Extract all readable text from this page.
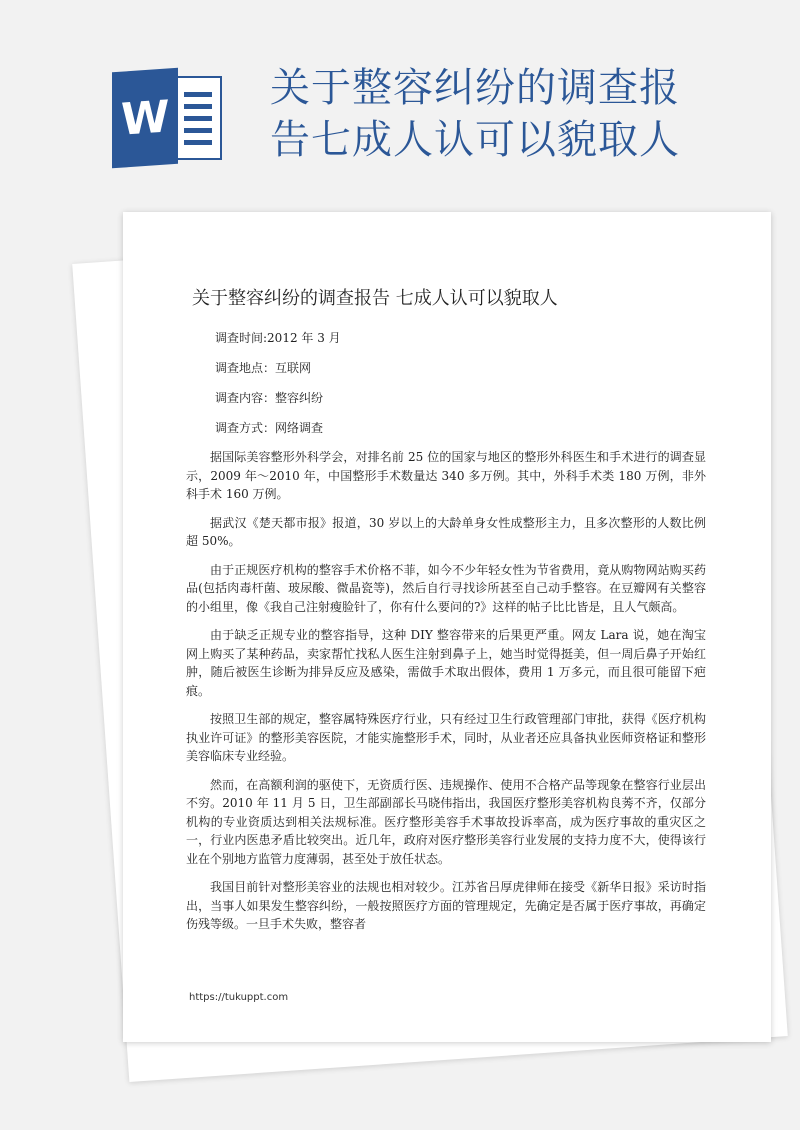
W
关于整容纠纷的调查报告七成人认可以貌取人
关于整容纠纷的调查报告 七成人认可以貌取人
调查时间:2012 年 3 月
调查地点：互联网
调查内容：整容纠纷
调查方式：网络调查

据国际美容整形外科学会，对排名前 25 位的国家与地区的整形外科医生和手术进行的调查显示，2009 年～2010 年，中国整形手术数量达 340 多万例。其中，外科手术类 180 万例，非外科手术 160 万例。

据武汉《楚天都市报》报道，30 岁以上的大龄单身女性成整形主力，且多次整形的人数比例超 50%。

由于正规医疗机构的整容手术价格不菲，如今不少年轻女性为节省费用，竟从购物网站购买药品(包括肉毒杆菌、玻尿酸、微晶瓷等)，然后自行寻找诊所甚至自己动手整容。在豆瓣网有关整容的小组里，像《我自己注射瘦脸针了，你有什么要问的?》这样的帖子比比皆是，且人气颇高。

由于缺乏正规专业的整容指导，这种 DIY 整容带来的后果更严重。网友 Lara 说，她在淘宝网上购买了某种药品，卖家帮忙找私人医生注射到鼻子上，她当时觉得挺美，但一周后鼻子开始红肿，随后被医生诊断为排异反应及感染，需做手术取出假体，费用 1 万多元，而且很可能留下疤痕。

按照卫生部的规定，整容属特殊医疗行业，只有经过卫生行政管理部门审批，获得《医疗机构执业许可证》的整形美容医院，才能实施整形手术，同时，从业者还应具备执业医师资格证和整形美容临床专业经验。

然而，在高额利润的驱使下，无资质行医、违规操作、使用不合格产品等现象在整容行业层出不穷。2010 年 11 月 5 日，卫生部副部长马晓伟指出，我国医疗整形美容机构良莠不齐，仅部分机构的专业资质达到相关法规标准。医疗整形美容手术事故投诉率高，成为医疗事故的重灾区之一，行业内医患矛盾比较突出。近几年，政府对医疗整形美容行业发展的支持力度不大，使得该行业在个别地方监管力度薄弱，甚至处于放任状态。

我国目前针对整形美容业的法规也相对较少。江苏省吕厚虎律师在接受《新华日报》采访时指出，当事人如果发生整容纠纷，一般按照医疗方面的管理规定，先确定是否属于医疗事故，再确定伤残等级。一旦手术失败，整容者

https://tukuppt.com
